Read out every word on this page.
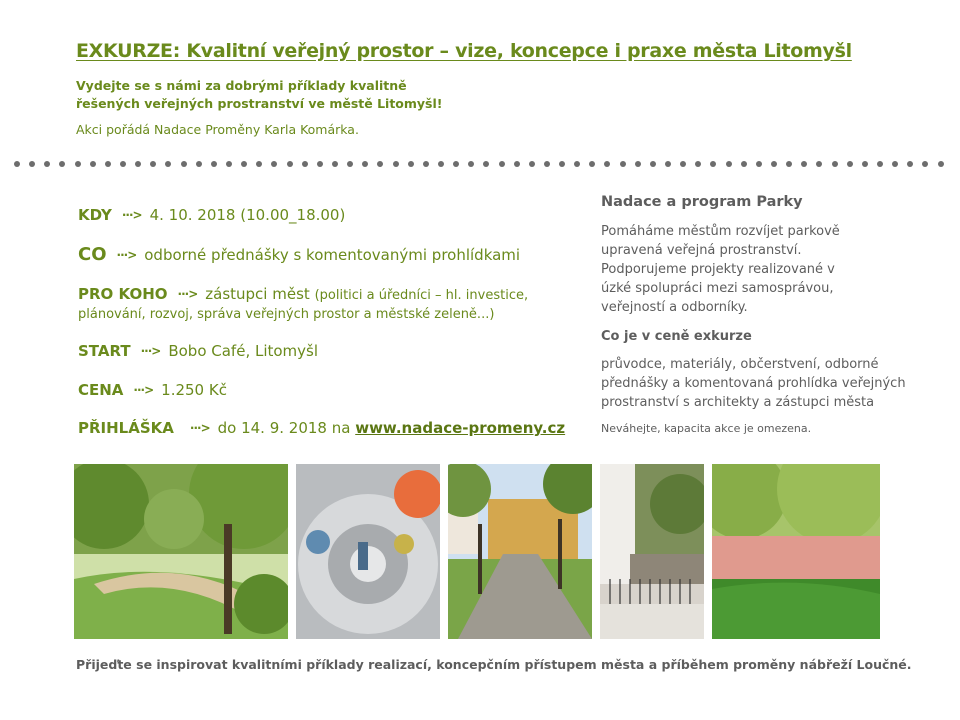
EXKURZE: Kvalitní veřejný prostor – vize, koncepce i praxe města Litomyšl
Vydejte se s námi za dobrými příklady kvalitně
řešených veřejných prostranství ve městě Litomyšl!
Akci pořádá Nadace Proměny Karla Komárka.
KDY ···> 4. 10. 2018 (10.00_18.00)
CO ···> odborné přednášky s komentovanými prohlídkami
PRO KOHO ···> zástupci měst (politici a úředníci – hl. investice,
plánování, rozvoj, správa veřejných prostor a městské zeleně...)
START ···> Bobo Café, Litomyšl
CENA ···> 1.250 Kč
PŘIHLÁŠKA ···> do 14. 9. 2018 na www.nadace-promeny.cz
Nadace a program Parky
Pomáháme městům rozvíjet parkově
upravená veřejná prostranství.
Podporujeme projekty realizované v
úzké spolupráci mezi samosprávou,
veřejností a odborníky.
Co je v ceně exkurze
průvodce, materiály, občerstvení, odborné
přednášky a komentovaná prohlídka veřejných
prostranství s architekty a zástupci města
Neváhejte, kapacita akce je omezena.
Přijeďte se inspirovat kvalitními příklady realizací, koncepčním přístupem města a příběhem proměny nábřeží Loučné.
